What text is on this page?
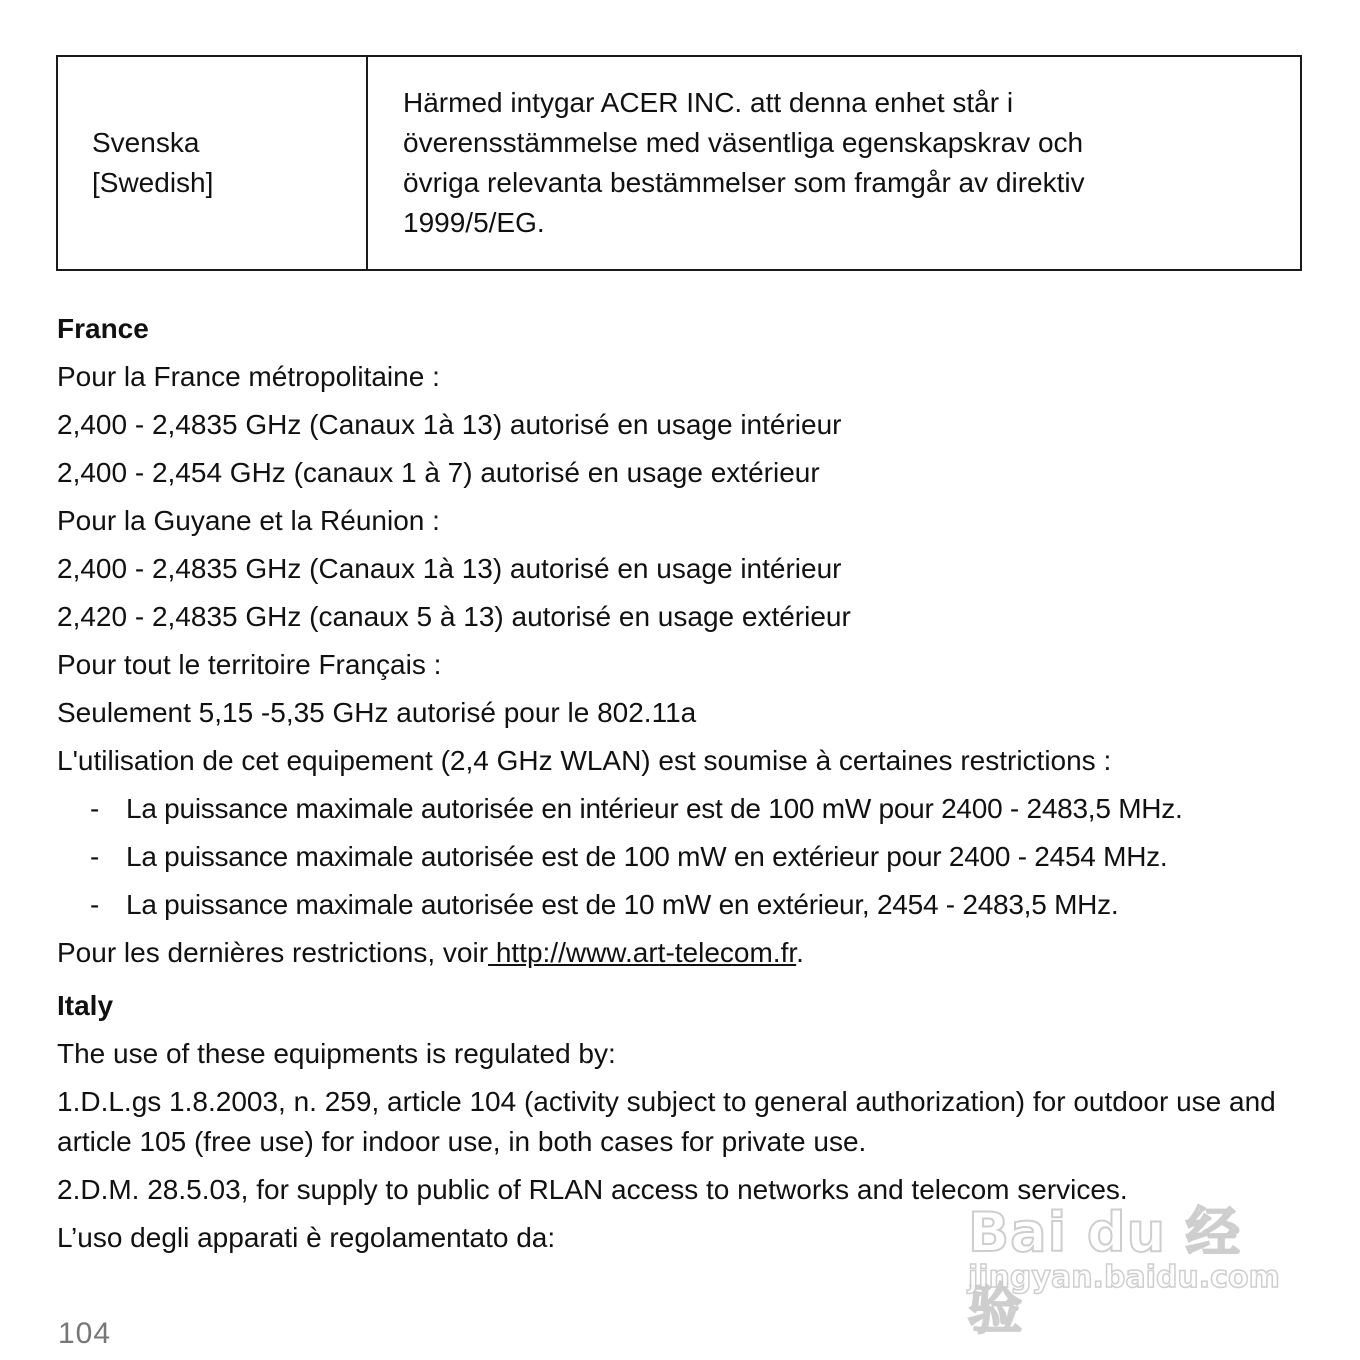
Svenska
[Swedish]

Härmed intygar ACER INC. att denna enhet står i
överensstämmelse med väsentliga egenskapskrav och
övriga relevanta bestämmelser som framgår av direktiv
1999/5/EG.

France
Pour la France métropolitaine :
2,400 - 2,4835 GHz (Canaux 1à 13) autorisé en usage intérieur
2,400 - 2,454 GHz (canaux 1 à 7) autorisé en usage extérieur
Pour la Guyane et la Réunion :
2,400 - 2,4835 GHz (Canaux 1à 13) autorisé en usage intérieur
2,420 - 2,4835 GHz (canaux 5 à 13) autorisé en usage extérieur
Pour tout le territoire Français :
Seulement 5,15 -5,35 GHz autorisé pour le 802.11a
L'utilisation de cet equipement (2,4 GHz WLAN) est soumise à certaines restrictions :
- La puissance maximale autorisée en intérieur est de 100 mW pour 2400 - 2483,5 MHz.
- La puissance maximale autorisée est de 100 mW en extérieur pour 2400 - 2454 MHz.
- La puissance maximale autorisée est de 10 mW en extérieur, 2454 - 2483,5 MHz.
Pour les dernières restrictions, voir http://www.art-telecom.fr.
Italy
The use of these equipments is regulated by:
1.D.L.gs 1.8.2003, n. 259, article 104 (activity subject to general authorization) for outdoor use and article 105 (free use) for indoor use, in both cases for private use.
2.D.M. 28.5.03, for supply to public of RLAN access to networks and telecom services.
L’uso degli apparati è regolamentato da:
104
Bai du 经验
jingyan.baidu.com
